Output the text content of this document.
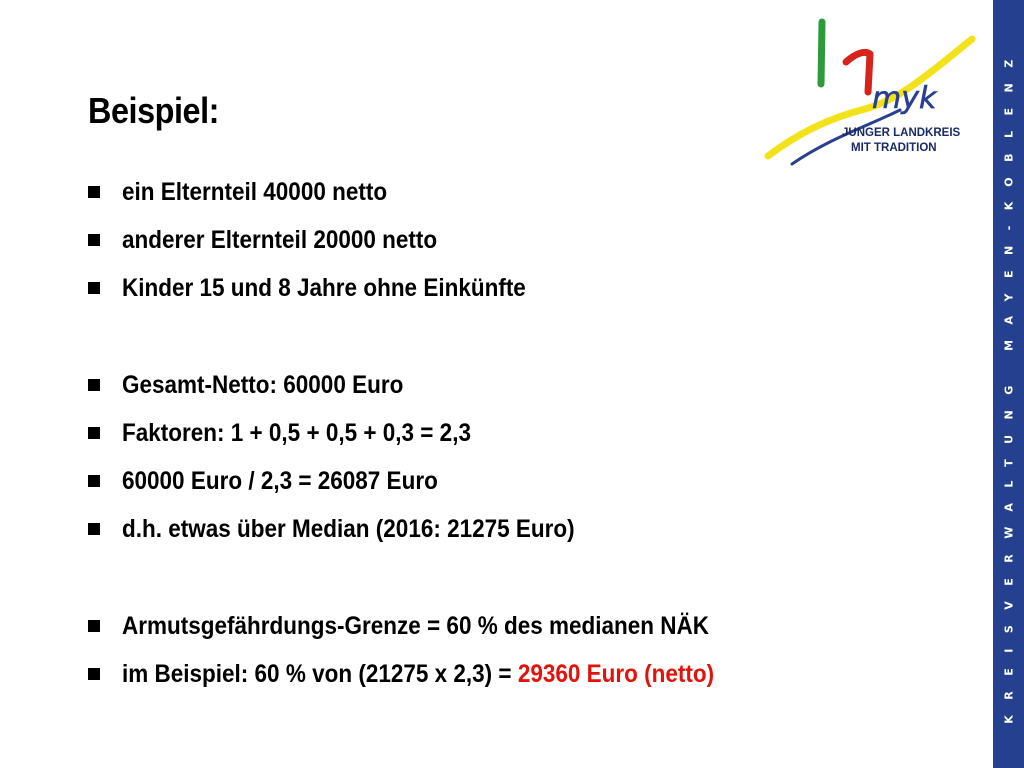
Beispiel:	myk
JUNGER LANDKREIS
MIT TRADITION
ein Elternteil 40000 netto
anderer Elternteil 20000 netto
Kinder 15 und 8 Jahre ohne Einkünfte
Gesamt-Netto: 60000 Euro
Faktoren: 1 + 0,5 + 0,5 + 0,3 = 2,3
60000 Euro / 2,3 = 26087 Euro
d.h. etwas über Median (2016: 21275 Euro)
Armutsgefährdungs-Grenze = 60 % des medianen NÄK
im Beispiel: 60 % von (21275 x 2,3) = 29360 Euro (netto)	KREISVERWALTUNG MAYEN-KOBLENZ
